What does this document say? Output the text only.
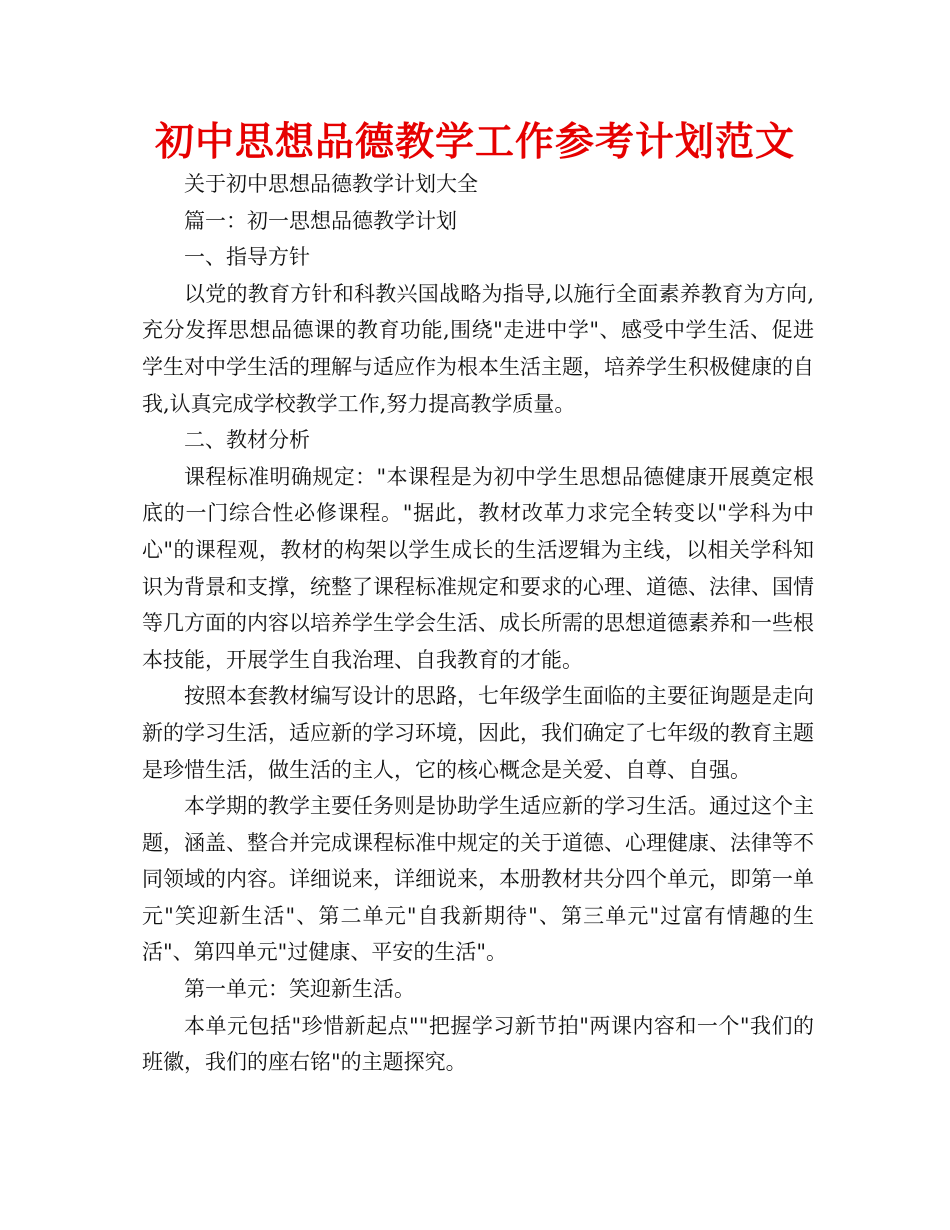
初中思想品德教学工作参考计划范文

关于初中思想品德教学计划大全

篇一：初一思想品德教学计划

一、指导方针

以党的教育方针和科教兴国战略为指导,以施行全面素养教育为方向,充分发挥思想品德课的教育功能,围绕"走进中学"、感受中学生活、促进学生对中学生活的理解与适应作为根本生活主题，培养学生积极健康的自我,认真完成学校教学工作,努力提高教学质量。

二、教材分析

课程标准明确规定："本课程是为初中学生思想品德健康开展奠定根底的一门综合性必修课程。"据此，教材改革力求完全转变以"学科为中心"的课程观，教材的构架以学生成长的生活逻辑为主线，以相关学科知识为背景和支撑，统整了课程标准规定和要求的心理、道德、法律、国情等几方面的内容以培养学生学会生活、成长所需的思想道德素养和一些根本技能，开展学生自我治理、自我教育的才能。

按照本套教材编写设计的思路，七年级学生面临的主要征询题是走向新的学习生活，适应新的学习环境，因此，我们确定了七年级的教育主题是珍惜生活，做生活的主人，它的核心概念是关爱、自尊、自强。

本学期的教学主要任务则是协助学生适应新的学习生活。通过这个主题，涵盖、整合并完成课程标准中规定的关于道德、心理健康、法律等不同领域的内容。详细说来，详细说来，本册教材共分四个单元，即第一单元"笑迎新生活"、第二单元"自我新期待"、第三单元"过富有情趣的生活"、第四单元"过健康、平安的生活"。

第一单元：笑迎新生活。

本单元包括"珍惜新起点""把握学习新节拍"两课内容和一个"我们的班徽，我们的座右铭"的主题探究。
